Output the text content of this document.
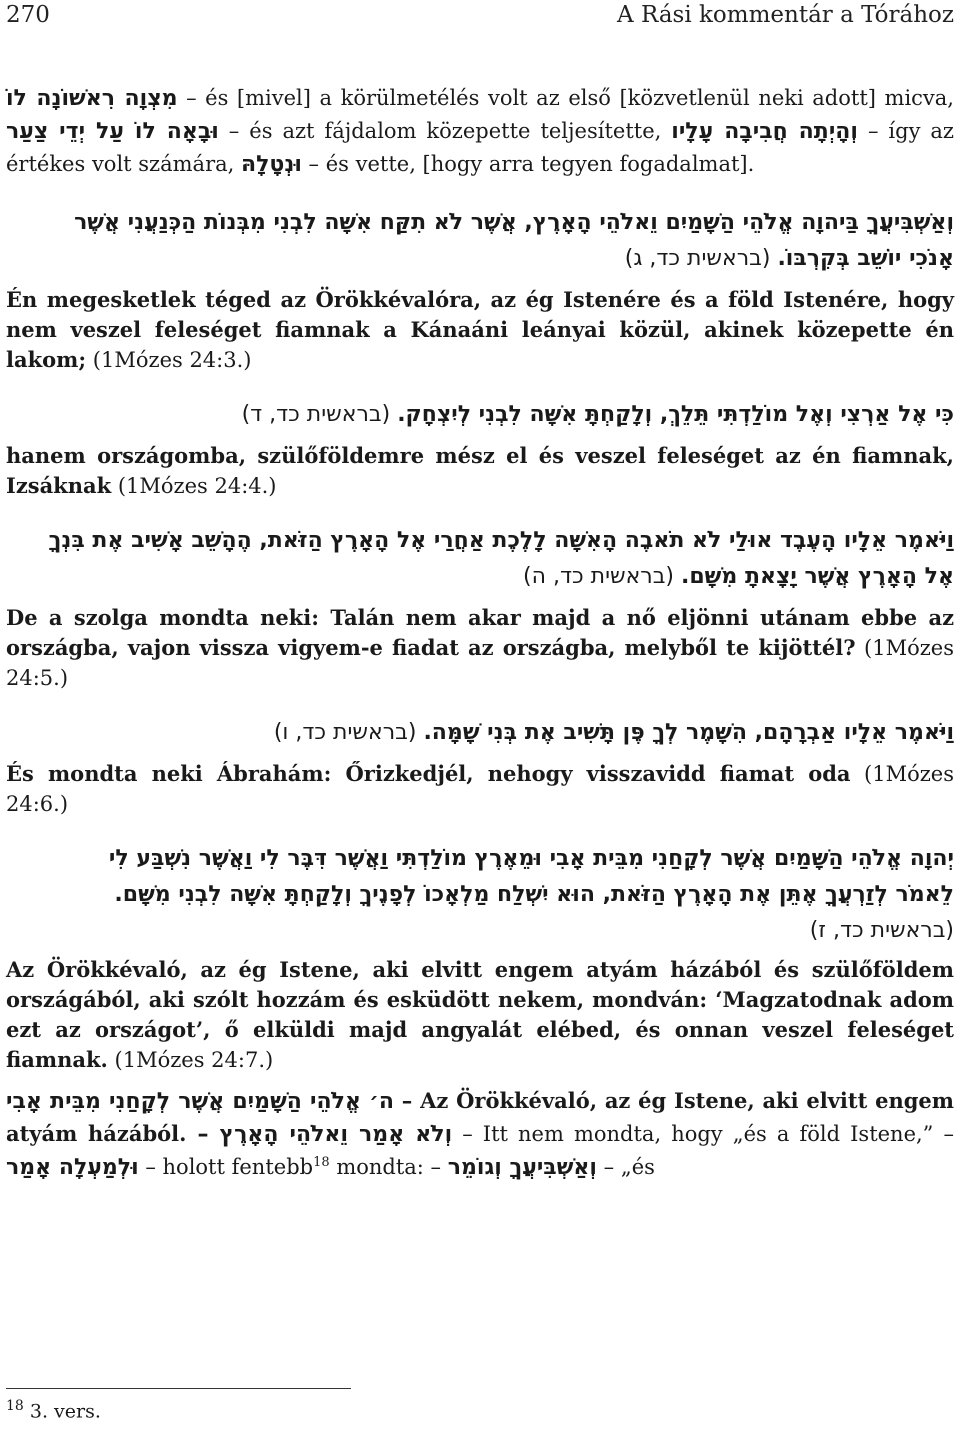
270	A Rási kommentár a Tórához

מִצְוָה רִאשׁוֹנָה לוֹ – és [mivel] a körülmetélés volt az első [közvetlenül neki adott] micva, וּבָאָה לוֹ עַל יְדֵי צַעַר – és azt fájdalom közepette teljesítette, וְהָיְתָה חֲבִיבָה עָלָיו – így az értékes volt számára, וּנְטָלָהּ – és vette, [hogy arra tegyen fogadalmat].

וְאַשְׁבִּיעֲךָ בַּיהוָה אֱלֹהֵי הַשָּׁמַיִם וֵאלֹהֵי הָאָרֶץ, אֲשֶׁר לֹא תִקַּח אִשָּׁה לִבְנִי מִבְּנוֹת הַכְּנַעֲנִי אֲשֶׁר

אָנֹכִי יוֹשֵׁב בְּקִרְבּוֹ. (בראשית כד, ג)

Én megesketlek téged az Örökkévalóra, az ég Istenére és a föld Istenére, hogy nem veszel feleséget fiamnak a Kánaáni leányai közül, akinek közepette én lakom; (1Mózes 24:3.)

כִּי אֶל אַרְצִי וְאֶל מוֹלַדְתִּי תֵּלֵךְ, וְלָקַחְתָּ אִשָּׁה לִבְנִי לְיִצְחָק. (בראשית כד, ד)

hanem országomba, szülőföldemre mész el és veszel feleséget az én fiamnak, Izsáknak (1Mózes 24:4.)

וַיֹּאמֶר אֵלָיו הָעֶבֶד אוּלַי לֹא תֹאבֶה הָאִשָּׁה לָלֶכֶת אַחֲרַי אֶל הָאָרֶץ הַזֹּאת, הֶהָשֵׁב אָשִׁיב אֶת בִּנְךָ

אֶל הָאָרֶץ אֲשֶׁר יָצָאתָ מִשָּׁם. (בראשית כד, ה)

De a szolga mondta neki: Talán nem akar majd a nő eljönni utánam ebbe az országba, vajon vissza vigyem-e fiadat az országba, melyből te kijöttél? (1Mózes 24:5.)

וַיֹּאמֶר אֵלָיו אַבְרָהָם, הִשָּׁמֶר לְךָ פֶּן תָּשִׁיב אֶת בְּנִי שָׁמָּה. (בראשית כד, ו)

És mondta neki Ábrahám: Őrizkedjél, nehogy visszavidd fiamat oda (1Mózes 24:6.)

יְהוָה אֱלֹהֵי הַשָּׁמַיִם אֲשֶׁר לְקָחַנִי מִבֵּית אָבִי וּמֵאֶרֶץ מוֹלַדְתִּי וַאֲשֶׁר דִּבֶּר לִי וַאֲשֶׁר נִשְׁבַּע לִי

לֵאמֹר לְזַרְעֲךָ אֶתֵּן אֶת הָאָרֶץ הַזֹּאת, הוּא יִשְׁלַח מַלְאָכוֹ לְפָנֶיךָ וְלָקַחְתָּ אִשָּׁה לִבְנִי מִשָּׁם.

(בראשית כד, ז)

Az Örökkévaló, az ég Istene, aki elvitt engem atyám házából és szülőföldem országából, aki szólt hozzám és esküdött nekem, mondván: ‘Magzatodnak adom ezt az országot’, ő elküldi majd angyalát elébed, és onnan veszel feleséget fiamnak. (1Mózes 24:7.)

ה׳ אֱלֹהֵי הַשָּׁמַיִם אֲשֶׁר לְקָחַנִי מִבֵּית אָבִי – Az Örökkévaló, az ég Istene, aki elvitt engem atyám házából. – וְלֹא אָמַר וֵאלֹהֵי הָאָרֶץ – Itt nem mondta, hogy „és a föld Istene,” – וּלְמַעְלָה אָמַר – holott fentebb$^{18}$ mondta: – וְאַשְׁבִּיעֲךָ וְגוֹמֵר – „és

$^{18}$ 3. vers.
